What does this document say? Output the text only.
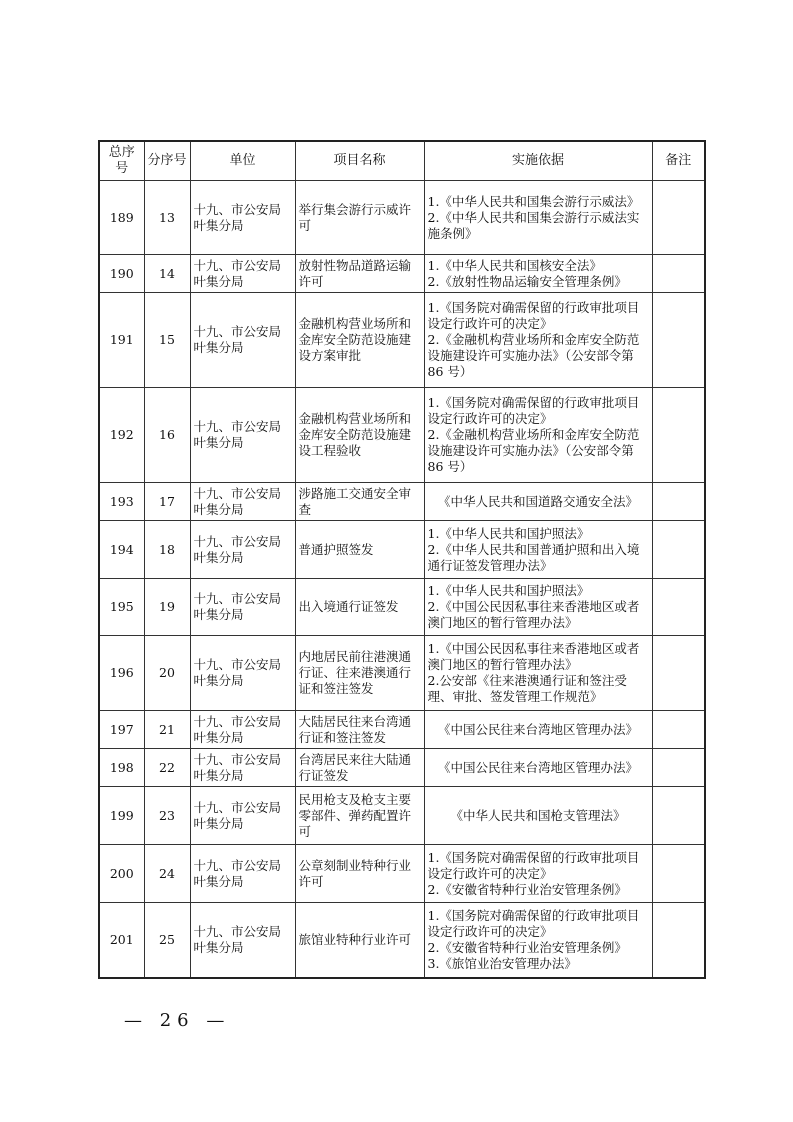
总序号	分序号	单位	项目名称	实施依据	备注
189	13	十九、市公安局叶集分局	举行集会游行示威许可	1.《中华人民共和国集会游行示威法》
2.《中华人民共和国集会游行示威法实施条例》	

190	14	十九、市公安局叶集分局	放射性物品道路运输许可	1.《中华人民共和国核安全法》
2.《放射性物品运输安全管理条例》	

191	15	十九、市公安局叶集分局	金融机构营业场所和金库安全防范设施建设方案审批	1.《国务院对确需保留的行政审批项目设定行政许可的决定》
2.《金融机构营业场所和金库安全防范设施建设许可实施办法》（公安部令第 86 号）	

192	16	十九、市公安局叶集分局	金融机构营业场所和金库安全防范设施建设工程验收	1.《国务院对确需保留的行政审批项目设定行政许可的决定》
2.《金融机构营业场所和金库安全防范设施建设许可实施办法》（公安部令第 86 号）	

193	17	十九、市公安局叶集分局	涉路施工交通安全审查	《中华人民共和国道路交通安全法》	

194	18	十九、市公安局叶集分局	普通护照签发	1.《中华人民共和国护照法》
2.《中华人民共和国普通护照和出入境通行证签发管理办法》	

195	19	十九、市公安局叶集分局	出入境通行证签发	1.《中华人民共和国护照法》
2.《中国公民因私事往来香港地区或者澳门地区的暂行管理办法》	

196	20	十九、市公安局叶集分局	内地居民前往港澳通行证、往来港澳通行证和签注签发	1.《中国公民因私事往来香港地区或者澳门地区的暂行管理办法》
2.公安部《往来港澳通行证和签注受理、审批、签发管理工作规范》	

197	21	十九、市公安局叶集分局	大陆居民往来台湾通行证和签注签发	《中国公民往来台湾地区管理办法》	

198	22	十九、市公安局叶集分局	台湾居民来往大陆通行证签发	《中国公民往来台湾地区管理办法》	

199	23	十九、市公安局叶集分局	民用枪支及枪支主要零部件、弹药配置许可	《中华人民共和国枪支管理法》	

200	24	十九、市公安局叶集分局	公章刻制业特种行业许可	1.《国务院对确需保留的行政审批项目设定行政许可的决定》
2.《安徽省特种行业治安管理条例》	

201	25	十九、市公安局叶集分局	旅馆业特种行业许可	1.《国务院对确需保留的行政审批项目设定行政许可的决定》
2.《安徽省特种行业治安管理条例》
3.《旅馆业治安管理办法》	

— 26 —
